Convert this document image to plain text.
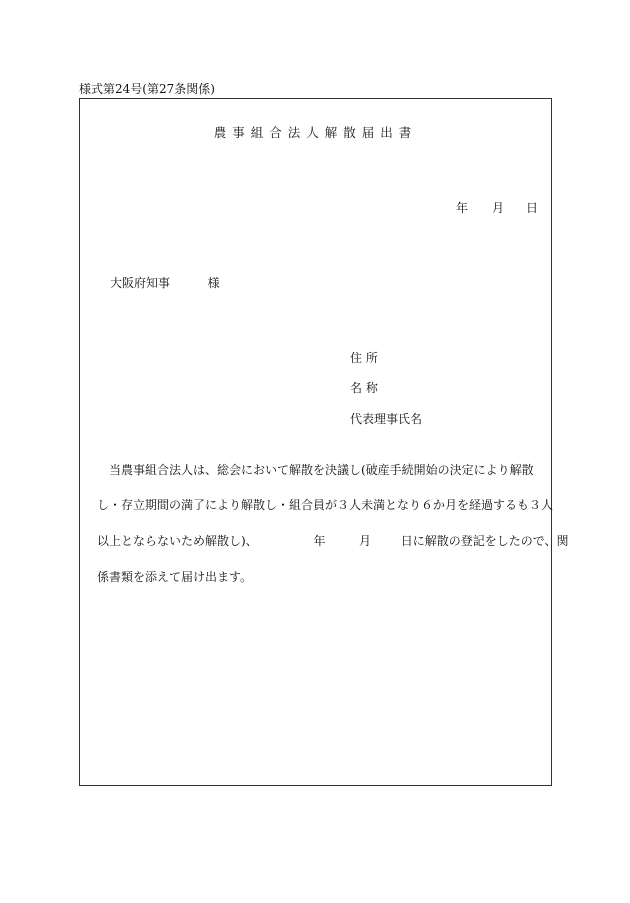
様式第24号(第27条関係)
農事組合法人解散届出書
年 月 日
大阪府知事	様
住 所
名 称
代表理事氏名
　当農事組合法人は、総会において解散を決議し(破産手続開始の決定により解散
し・存立期間の満了により解散し・組合員が３人未満となり６か月を経過するも３人
以上とならないため解散し)、	年	月 日に解散の登記をしたので、関
係書類を添えて届け出ます。
